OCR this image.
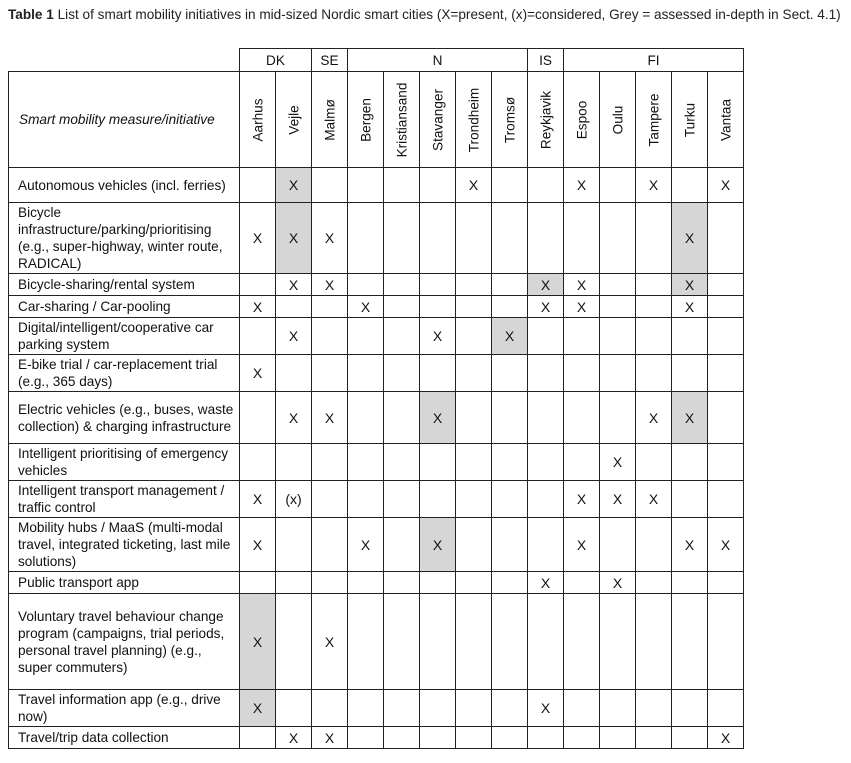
Table 1 List of smart mobility initiatives in mid-sized Nordic smart cities (X=present, (x)=considered, Grey = assessed in-depth in Sect. 4.1)
	DK		SE	N					IS	FI				
Smart mobility measure/initiative	Aarhus	Vejle	Malmø	Bergen	Kristiansand	Stavanger	Trondheim	Tromsø	Reykjavik	Espoo	Oulu	Tampere	Turku	Vantaa

Autonomous vehicles (incl. ferries)		X					X			X		X		X
Bicycle infrastructure/parking/prioritising (e.g., super-highway, winter route, RADICAL)	X	X	X										X	
Bicycle-sharing/rental system		X	X						X	X			X	
Car-sharing / Car-pooling	X			X					X	X			X	
Digital/intelligent/cooperative car parking system		X				X		X						
E-bike trial / car-replacement trial (e.g., 365 days)	X													
Electric vehicles (e.g., buses, waste collection) & charging infrastructure		X	X			X						X	X	
Intelligent prioritising of emergency vehicles											X			
Intelligent transport management / traffic control	X	(x)								X	X	X		
Mobility hubs / MaaS (multi-modal travel, integrated ticketing, last mile solutions)	X			X		X				X			X	X
Public transport app									X		X			
Voluntary travel behaviour change program (campaigns, trial periods, personal travel planning) (e.g., super commuters)	X		X											
Travel information app (e.g., drive now)	X								X					
Travel/trip data collection		X	X											X
